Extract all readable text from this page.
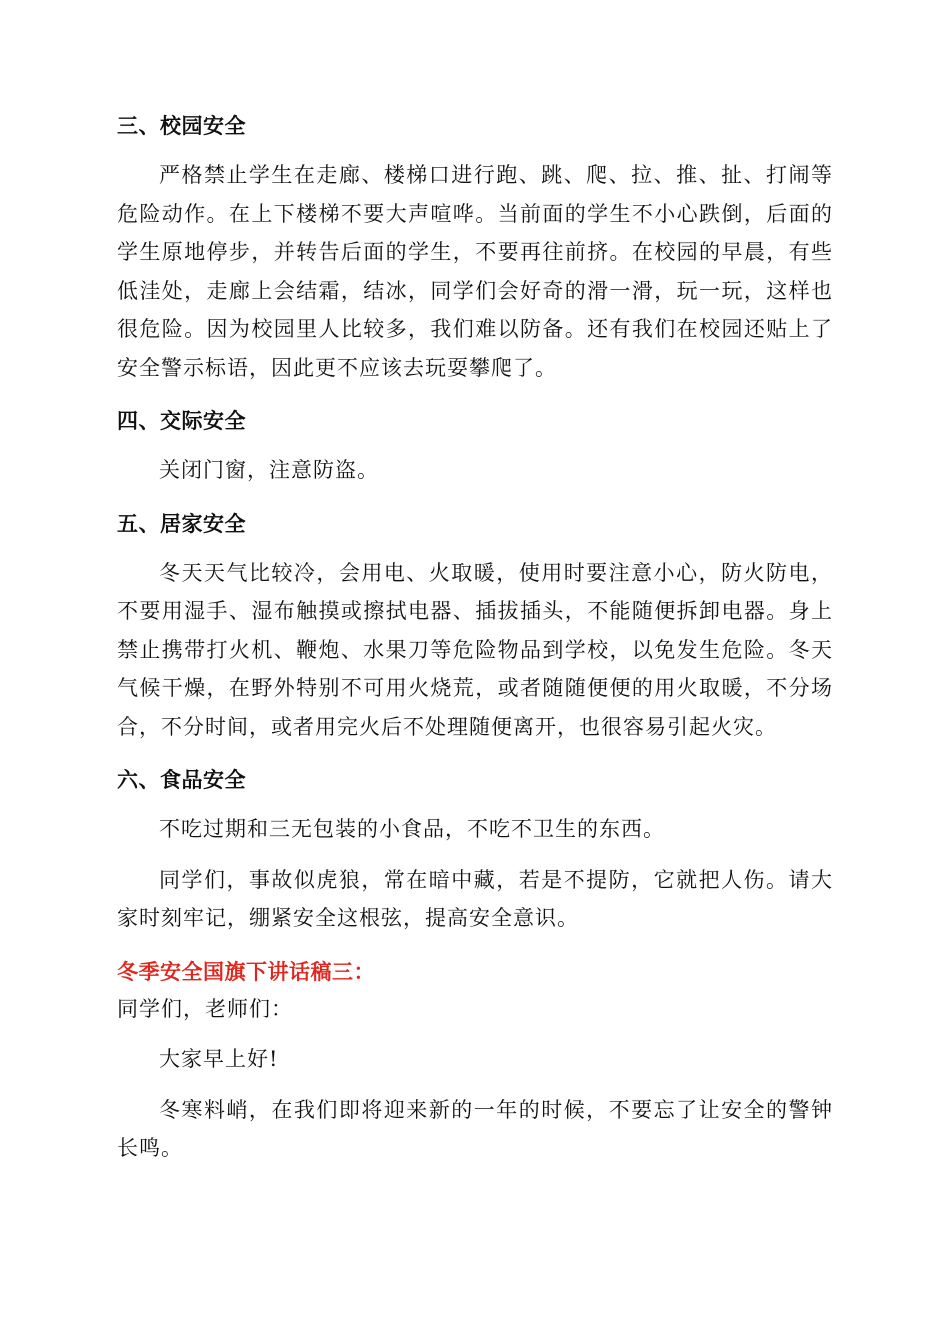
三、校园安全

严格禁止学生在走廊、楼梯口进行跑、跳、爬、拉、推、扯、打闹等危险动作。在上下楼梯不要大声喧哗。当前面的学生不小心跌倒，后面的学生原地停步，并转告后面的学生，不要再往前挤。在校园的早晨，有些低洼处，走廊上会结霜，结冰，同学们会好奇的滑一滑，玩一玩，这样也很危险。因为校园里人比较多，我们难以防备。还有我们在校园还贴上了安全警示标语，因此更不应该去玩耍攀爬了。

四、交际安全

关闭门窗，注意防盗。

五、居家安全

冬天天气比较冷，会用电、火取暖，使用时要注意小心，防火防电，不要用湿手、湿布触摸或擦拭电器、插拔插头，不能随便拆卸电器。身上禁止携带打火机、鞭炮、水果刀等危险物品到学校，以免发生危险。冬天气候干燥，在野外特别不可用火烧荒，或者随随便便的用火取暖，不分场合，不分时间，或者用完火后不处理随便离开，也很容易引起火灾。

六、食品安全

不吃过期和三无包装的小食品，不吃不卫生的东西。

同学们，事故似虎狼，常在暗中藏，若是不提防，它就把人伤。请大家时刻牢记，绷紧安全这根弦，提高安全意识。

冬季安全国旗下讲话稿三：

同学们，老师们：

大家早上好!

冬寒料峭，在我们即将迎来新的一年的时候，不要忘了让安全的警钟长鸣。
